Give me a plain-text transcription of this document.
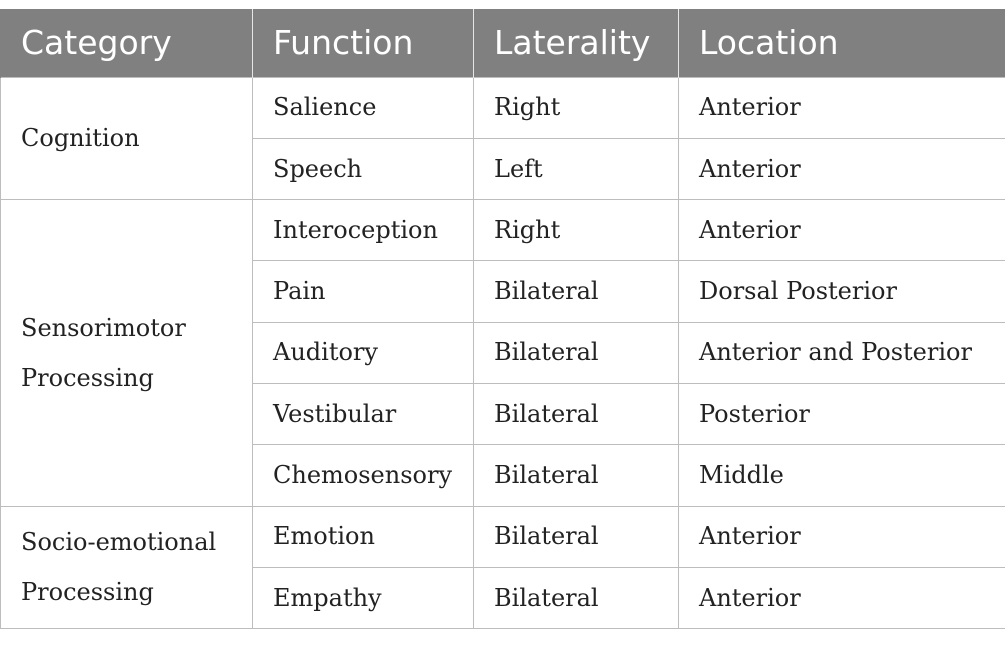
Category	Function	Laterality	Location

Cognition	Salience	Right	Anterior
	Speech	Left	Anterior

Sensorimotor
Processing	Interoception	Right	Anterior
	Pain	Bilateral	Dorsal Posterior
	Auditory	Bilateral	Anterior and Posterior
	Vestibular	Bilateral	Posterior
	Chemosensory	Bilateral	Middle

Socio-emotional
Processing	Emotion	Bilateral	Anterior
	Empathy	Bilateral	Anterior
